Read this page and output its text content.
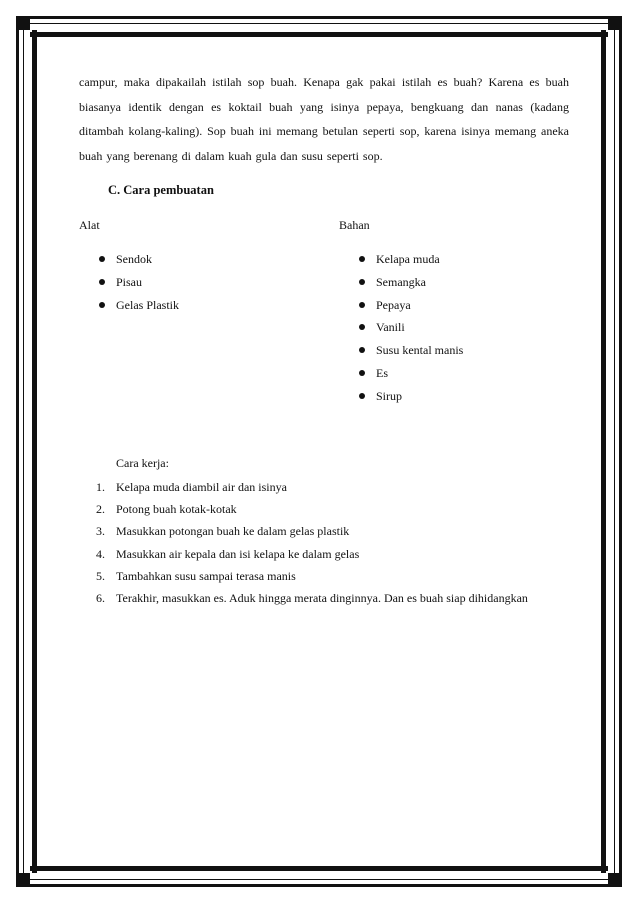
campur, maka dipakailah istilah sop buah. Kenapa gak pakai istilah es buah? Karena es buah biasanya identik dengan es koktail buah yang isinya pepaya, bengkuang dan nanas (kadang ditambah kolang-kaling). Sop buah ini memang betulan seperti sop, karena isinya memang aneka buah yang berenang di dalam kuah gula dan susu seperti sop.

C. Cara pembuatan
Alat	Bahan
Sendok
Pisau
Gelas Plastik
Kelapa muda
Semangka
Pepaya
Vanili
Susu kental manis
Es
Sirup
Cara kerja:
1. Kelapa muda diambil air dan isinya
2. Potong buah kotak-kotak
3. Masukkan potongan buah ke dalam gelas plastik
4. Masukkan air kepala dan isi kelapa ke dalam gelas
5. Tambahkan susu sampai terasa manis
6. Terakhir, masukkan es. Aduk hingga merata dinginnya. Dan es buah siap dihidangkan
